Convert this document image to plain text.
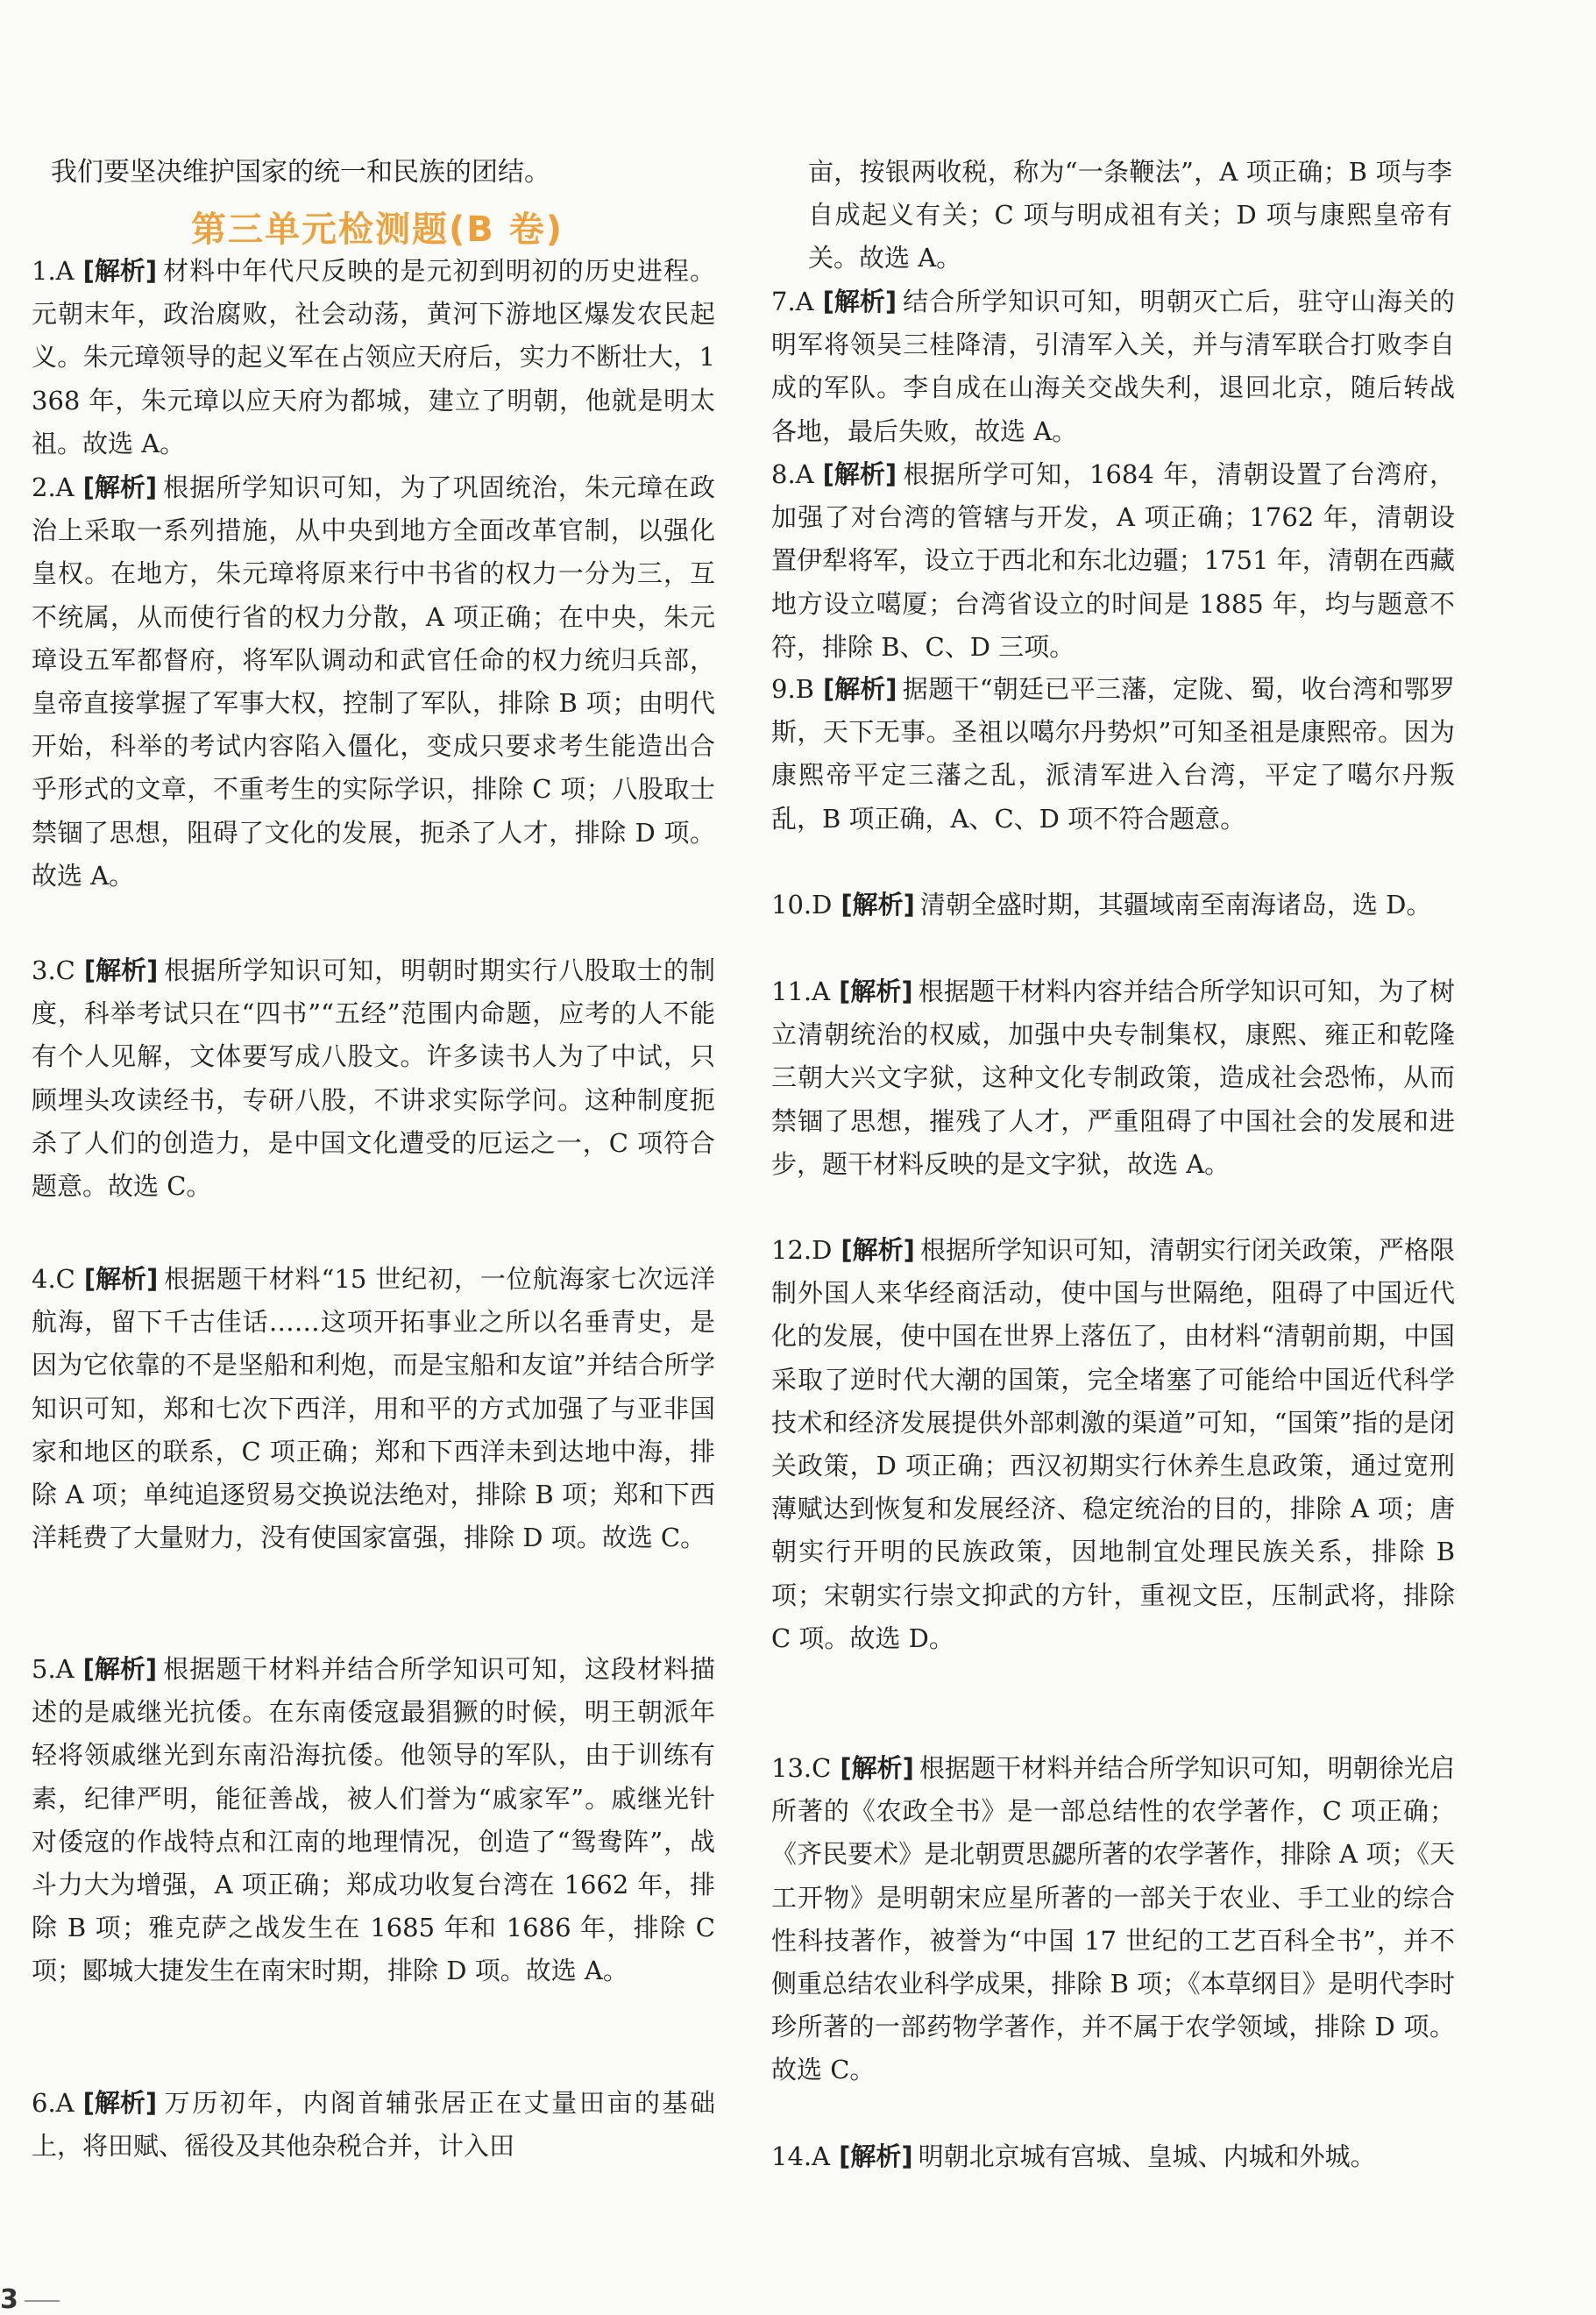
我们要坚决维护国家的统一和民族的团结。
第三单元检测题(B 卷)
1.A [解析] 材料中年代尺反映的是元初到明初的历史进程。元朝末年，政治腐败，社会动荡，黄河下游地区爆发农民起义。朱元璋领导的起义军在占领应天府后，实力不断壮大，1368 年，朱元璋以应天府为都城，建立了明朝，他就是明太祖。故选 A。
2.A [解析] 根据所学知识可知，为了巩固统治，朱元璋在政治上采取一系列措施，从中央到地方全面改革官制，以强化皇权。在地方，朱元璋将原来行中书省的权力一分为三，互不统属，从而使行省的权力分散，A 项正确；在中央，朱元璋设五军都督府，将军队调动和武官任命的权力统归兵部，皇帝直接掌握了军事大权，控制了军队，排除 B 项；由明代开始，科举的考试内容陷入僵化，变成只要求考生能造出合乎形式的文章，不重考生的实际学识，排除 C 项；八股取士禁锢了思想，阻碍了文化的发展，扼杀了人才，排除 D 项。故选 A。
3.C [解析] 根据所学知识可知，明朝时期实行八股取士的制度，科举考试只在“四书”“五经”范围内命题，应考的人不能有个人见解，文体要写成八股文。许多读书人为了中试，只顾埋头攻读经书，专研八股，不讲求实际学问。这种制度扼杀了人们的创造力，是中国文化遭受的厄运之一，C 项符合题意。故选 C。
4.C [解析] 根据题干材料“15 世纪初，一位航海家七次远洋航海，留下千古佳话……这项开拓事业之所以名垂青史，是因为它依靠的不是坚船和利炮，而是宝船和友谊”并结合所学知识可知，郑和七次下西洋，用和平的方式加强了与亚非国家和地区的联系，C 项正确；郑和下西洋未到达地中海，排除 A 项；单纯追逐贸易交换说法绝对，排除 B 项；郑和下西洋耗费了大量财力，没有使国家富强，排除 D 项。故选 C。
5.A [解析] 根据题干材料并结合所学知识可知，这段材料描述的是戚继光抗倭。在东南倭寇最猖獗的时候，明王朝派年轻将领戚继光到东南沿海抗倭。他领导的军队，由于训练有素，纪律严明，能征善战，被人们誉为“戚家军”。戚继光针对倭寇的作战特点和江南的地理情况，创造了“鸳鸯阵”，战斗力大为增强，A 项正确；郑成功收复台湾在 1662 年，排除 B 项；雅克萨之战发生在 1685 年和 1686 年，排除 C 项；郾城大捷发生在南宋时期，排除 D 项。故选 A。
6.A [解析] 万历初年，内阁首辅张居正在丈量田亩的基础上，将田赋、徭役及其他杂税合并，计入田
亩，按银两收税，称为“一条鞭法”，A 项正确；B 项与李自成起义有关；C 项与明成祖有关；D 项与康熙皇帝有关。故选 A。
7.A [解析] 结合所学知识可知，明朝灭亡后，驻守山海关的明军将领吴三桂降清，引清军入关，并与清军联合打败李自成的军队。李自成在山海关交战失利，退回北京，随后转战各地，最后失败，故选 A。
8.A [解析] 根据所学可知，1684 年，清朝设置了台湾府，加强了对台湾的管辖与开发，A 项正确；1762 年，清朝设置伊犁将军，设立于西北和东北边疆；1751 年，清朝在西藏地方设立噶厦；台湾省设立的时间是 1885 年，均与题意不符，排除 B、C、D 三项。
9.B [解析] 据题干“朝廷已平三藩，定陇、蜀，收台湾和鄂罗斯，天下无事。圣祖以噶尔丹势炽”可知圣祖是康熙帝。因为康熙帝平定三藩之乱，派清军进入台湾，平定了噶尔丹叛乱，B 项正确，A、C、D 项不符合题意。
10.D [解析] 清朝全盛时期，其疆域南至南海诸岛，选 D。
11.A [解析] 根据题干材料内容并结合所学知识可知，为了树立清朝统治的权威，加强中央专制集权，康熙、雍正和乾隆三朝大兴文字狱，这种文化专制政策，造成社会恐怖，从而禁锢了思想，摧残了人才，严重阻碍了中国社会的发展和进步，题干材料反映的是文字狱，故选 A。
12.D [解析] 根据所学知识可知，清朝实行闭关政策，严格限制外国人来华经商活动，使中国与世隔绝，阻碍了中国近代化的发展，使中国在世界上落伍了，由材料“清朝前期，中国采取了逆时代大潮的国策，完全堵塞了可能给中国近代科学技术和经济发展提供外部刺激的渠道”可知，“国策”指的是闭关政策，D 项正确；西汉初期实行休养生息政策，通过宽刑薄赋达到恢复和发展经济、稳定统治的目的，排除 A 项；唐朝实行开明的民族政策，因地制宜处理民族关系，排除 B 项；宋朝实行崇文抑武的方针，重视文臣，压制武将，排除 C 项。故选 D。
13.C [解析] 根据题干材料并结合所学知识可知，明朝徐光启所著的《农政全书》是一部总结性的农学著作，C 项正确；《齐民要术》是北朝贾思勰所著的农学著作，排除 A 项；《天工开物》是明朝宋应星所著的一部关于农业、手工业的综合性科技著作，被誉为“中国 17 世纪的工艺百科全书”，并不侧重总结农业科学成果，排除 B 项；《本草纲目》是明代李时珍所著的一部药物学著作，并不属于农学领域，排除 D 项。故选 C。
14.A [解析] 明朝北京城有宫城、皇城、内城和外城。
3
